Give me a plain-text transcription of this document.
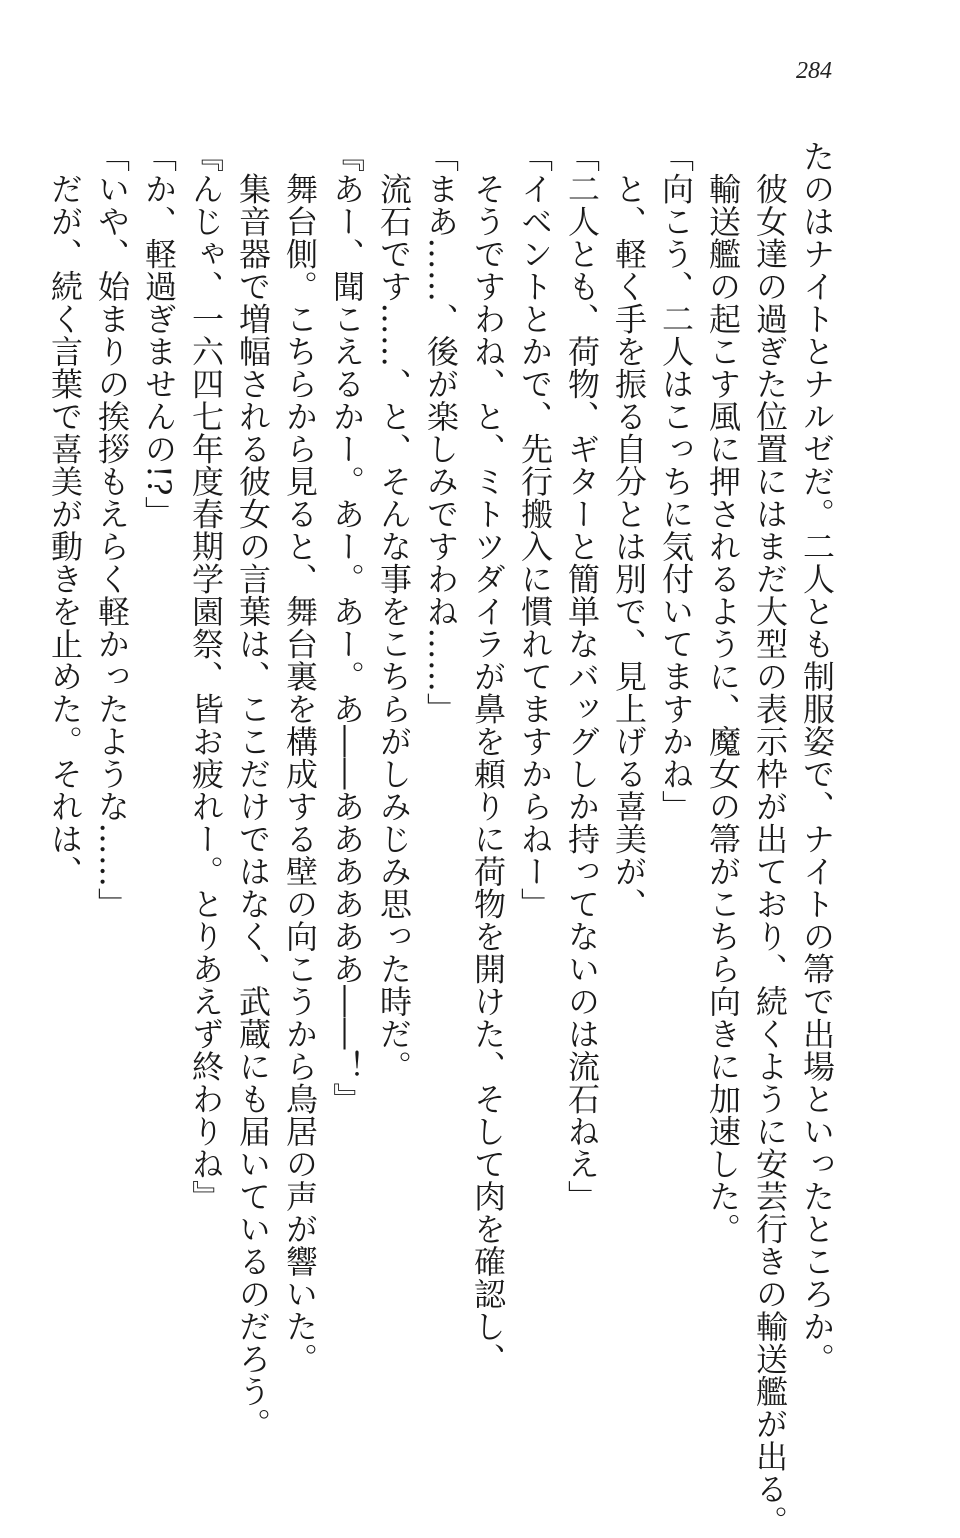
284
たのはナイトとナルゼだ。二人とも制服姿で、ナイトの箒で出場といったところか。
　彼女達の過ぎた位置にはまだ大型の表示枠が出ており、続くように安芸行きの輸送艦が出る。
　輸送艦の起こす風に押されるように、魔女の箒がこちら向きに加速した。
「向こう、二人はこっちに気付いてますかね」
　と、軽く手を振る自分とは別で、見上げる喜美が、
「二人とも、荷物、ギターと簡単なバッグしか持ってないのは流石ねえ」
「イベントとかで、先行搬入に慣れてますからねー」
　そうですわね、と、ミトツダイラが鼻を頼りに荷物を開けた、そして肉を確認し、
「まあ……、後が楽しみですわね……」
　流石です……、と、そんな事をこちらがしみじみ思った時だ。
『あー、聞こえるかー。あー。あー。あ――ああああああ――！』
　舞台側。こちらから見ると、舞台裏を構成する壁の向こうから鳥居の声が響いた。
　集音器で増幅される彼女の言葉は、ここだけではなく、武蔵にも届いているのだろう。
『んじゃ、一六四七年度春期学園祭、皆お疲れー。とりあえず終わりね』
「か、軽過ぎませんの!?」
「いや、始まりの挨拶もえらく軽かったような……」
　だが、続く言葉で喜美が動きを止めた。それは、
